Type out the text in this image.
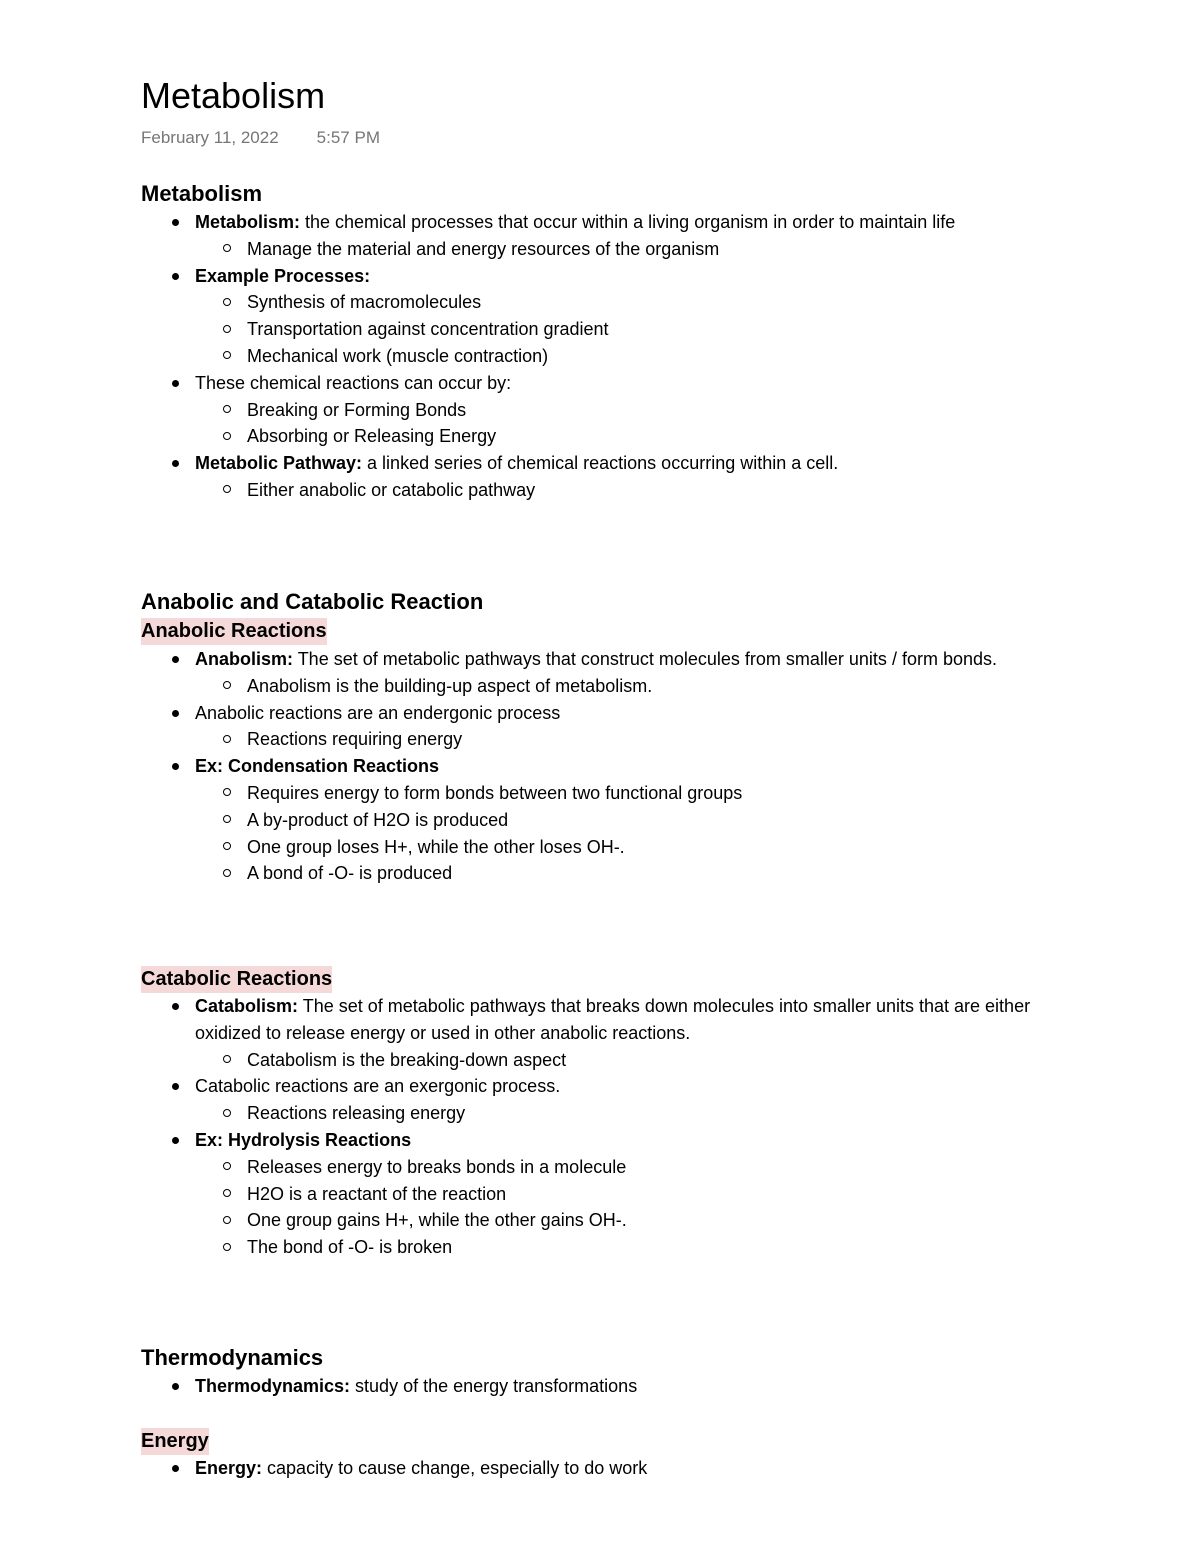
Metabolism
February 11, 2022 5:57 PM
Metabolism
Metabolism: the chemical processes that occur within a living organism in order to maintain life
Manage the material and energy resources of the organism
Example Processes:
Synthesis of macromolecules
Transportation against concentration gradient
Mechanical work (muscle contraction)
These chemical reactions can occur by:
Breaking or Forming Bonds
Absorbing or Releasing Energy
Metabolic Pathway: a linked series of chemical reactions occurring within a cell.
Either anabolic or catabolic pathway
Anabolic and Catabolic Reaction
Anabolic Reactions
Anabolism: The set of metabolic pathways that construct molecules from smaller units / form bonds.
Anabolism is the building-up aspect of metabolism.
Anabolic reactions are an endergonic process
Reactions requiring energy
Ex: Condensation Reactions
Requires energy to form bonds between two functional groups
A by-product of H2O is produced
One group loses H+, while the other loses OH-.
A bond of -O- is produced
Catabolic Reactions
Catabolism: The set of metabolic pathways that breaks down molecules into smaller units that are either oxidized to release energy or used in other anabolic reactions.
Catabolism is the breaking-down aspect
Catabolic reactions are an exergonic process.
Reactions releasing energy
Ex: Hydrolysis Reactions
Releases energy to breaks bonds in a molecule
H2O is a reactant of the reaction
One group gains H+, while the other gains OH-.
The bond of -O- is broken
Thermodynamics
Thermodynamics: study of the energy transformations
Energy
Energy: capacity to cause change, especially to do work
